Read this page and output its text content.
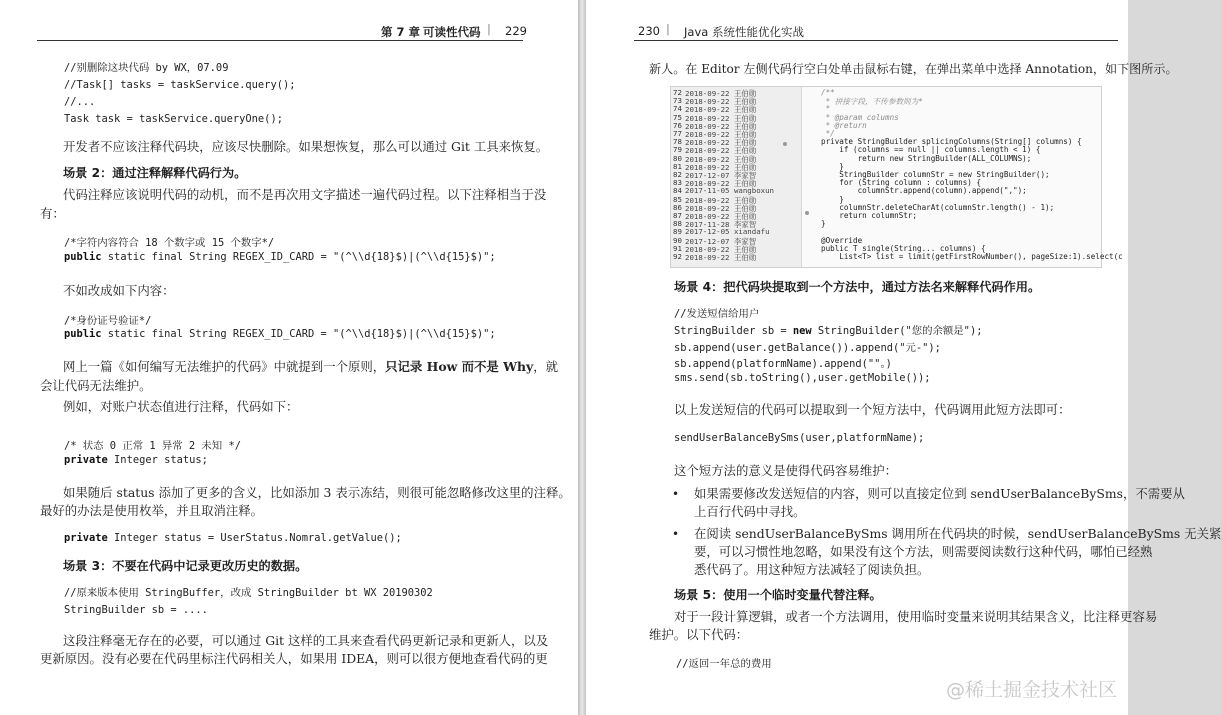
第 7 章 可读性代码 | 229
//别删除这块代码 by WX，07.09
//Task[] tasks = taskService.query();
//...
Task task = taskService.queryOne();
开发者不应该注释代码块，应该尽快删除。如果想恢复，那么可以通过 Git 工具来恢复。
场景 2：通过注释解释代码行为。
代码注释应该说明代码的动机，而不是再次用文字描述一遍代码过程。以下注释相当于没
有：
/*字符内容符合 18 个数字或 15 个数字*/
public static final String REGEX_ID_CARD = "(^\\d{18}$)|(^\\d{15}$)";
不如改成如下内容：
/*身份证号验证*/
public static final String REGEX_ID_CARD = "(^\\d{18}$)|(^\\d{15}$)";
网上一篇《如何编写无法维护的代码》中就提到一个原则，只记录 How 而不是 Why，就
会让代码无法维护。
例如，对账户状态值进行注释，代码如下：
/* 状态 0 正常 1 异常 2 未知 */
private Integer status;
如果随后 status 添加了更多的含义，比如添加 3 表示冻结，则很可能忽略修改这里的注释。
最好的办法是使用枚举，并且取消注释。
private Integer status = UserStatus.Nomral.getValue();
场景 3：不要在代码中记录更改历史的数据。
//原来版本使用 StringBuffer，改成 StringBuilder bt WX 20190302
StringBuilder sb = ....
这段注释毫无存在的必要，可以通过 Git 这样的工具来查看代码更新记录和更新人，以及
更新原因。没有必要在代码里标注代码相关人，如果用 IDEA，则可以很方便地查看代码的更
230 | Java 系统性能优化实战
新人。在 Editor 左侧代码行空白处单击鼠标右键，在弹出菜单中选择 Annotation，如下图所示。
72
73
74
75
76
77
78
79
80
81
82
83
84
85
86
87
88
89
90
91
92
2018-09-22 王伯勋
2018-09-22 王伯勋
2018-09-22 王伯勋
2018-09-22 王伯勋
2018-09-22 王伯勋
2018-09-22 王伯勋
2018-09-22 王伯勋
2018-09-22 王伯勋
2018-09-22 王伯勋
2018-09-22 王伯勋
2017-12-07 李家智
2018-09-22 王伯勋
2017-11-05 wangboxun
2018-09-22 王伯勋
2018-09-22 王伯勋
2018-09-22 王伯勋
2017-11-28 李家智
2017-12-05 xiandafu
2017-12-07 李家智
2018-09-22 王伯勋
2018-09-22 王伯勋
/**
* 拼接字段，不传参数则为*
*
* @param columns
* @return
*/
private StringBuilder splicingColumns(String[] columns) {
if (columns == null || columns.length < 1) {
return new StringBuilder(ALL_COLUMNS);
}
StringBuilder columnStr = new StringBuilder();
for (String column : columns) {
columnStr.append(column).append(",");
}
columnStr.deleteCharAt(columnStr.length() - 1);
return columnStr;
}
@Override
public T single(String... columns) {
List<T> list = limit(getFirstRowNumber(), pageSize:1).select(c
场景 4：把代码块提取到一个方法中，通过方法名来解释代码作用。
//发送短信给用户
StringBuilder sb = new StringBuilder("您的余额是");
sb.append(user.getBalance()).append("元-");
sb.append(platformName).append(""。)
sms.send(sb.toString(),user.getMobile());
以上发送短信的代码可以提取到一个短方法中，代码调用此短方法即可：
sendUserBalanceBySms(user,platformName);
这个短方法的意义是使得代码容易维护：
• 如果需要修改发送短信的内容，则可以直接定位到 sendUserBalanceBySms，不需要从
上百行代码中寻找。
• 在阅读 sendUserBalanceBySms 调用所在代码块的时候，sendUserBalanceBySms 无关紧
要，可以习惯性地忽略，如果没有这个方法，则需要阅读数行这种代码，哪怕已经熟
悉代码了。用这种短方法减轻了阅读负担。
场景 5：使用一个临时变量代替注释。
对于一段计算逻辑，或者一个方法调用，使用临时变量来说明其结果含义，比注释更容易
维护。以下代码：
//返回一年总的费用
@稀土掘金技术社区
